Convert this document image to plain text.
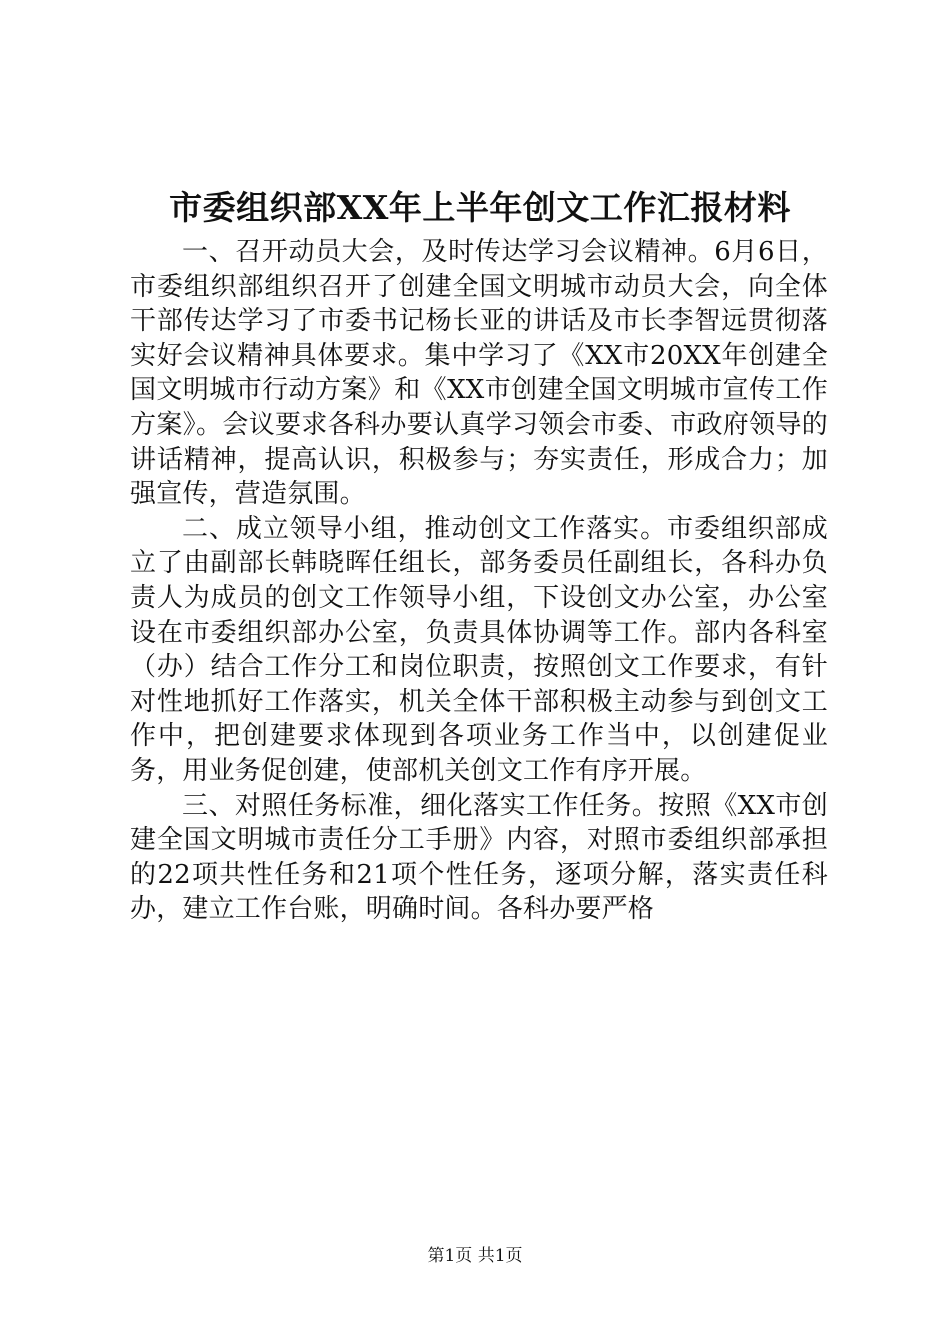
市委组织部XX年上半年创文工作汇报材料

一、召开动员大会，及时传达学习会议精神。6月6日，市委组织部组织召开了创建全国文明城市动员大会，向全体干部传达学习了市委书记杨长亚的讲话及市长李智远贯彻落实好会议精神具体要求。集中学习了《XX市20XX年创建全国文明城市行动方案》和《XX市创建全国文明城市宣传工作方案》。会议要求各科办要认真学习领会市委、市政府领导的讲话精神，提高认识，积极参与；夯实责任，形成合力；加强宣传，营造氛围。

二、成立领导小组，推动创文工作落实。市委组织部成立了由副部长韩晓晖任组长，部务委员任副组长，各科办负责人为成员的创文工作领导小组，下设创文办公室，办公室设在市委组织部办公室，负责具体协调等工作。部内各科室（办）结合工作分工和岗位职责，按照创文工作要求，有针对性地抓好工作落实，机关全体干部积极主动参与到创文工作中，把创建要求体现到各项业务工作当中，以创建促业务，用业务促创建，使部机关创文工作有序开展。

三、对照任务标准，细化落实工作任务。按照《XX市创建全国文明城市责任分工手册》内容，对照市委组织部承担的22项共性任务和21项个性任务，逐项分解，落实责任科办，建立工作台账，明确时间。各科办要严格

第1页 共1页
